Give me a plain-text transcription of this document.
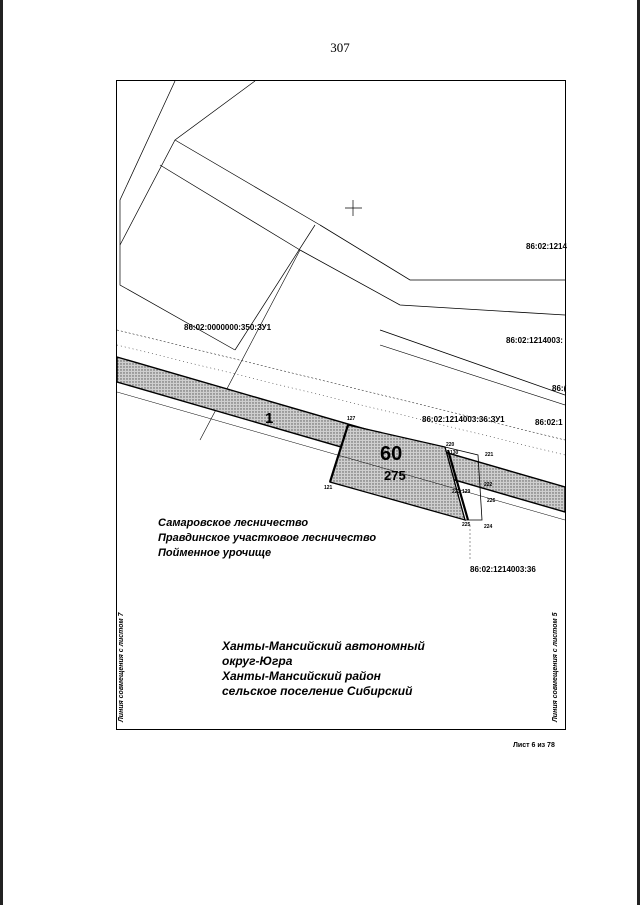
307
86:02:0000000:350:ЗУ1
86:02:1214
86:02:1214003:
86:(
86:02:1
86:02:1214003:36:ЗУ1
86:02:1214003:36
1
60
275
127
121
220
130	221
222
223 129
226
225	224
Самаровское лесничество
Правдинское участковое лесничество
Пойменное урочище
Ханты-Мансийский автономный
округ-Югра
Ханты-Мансийский район
сельское поселение Сибирский
Линия совмещения с листом 7	Линия совмещения с листом 5
Лист 6 из 78
